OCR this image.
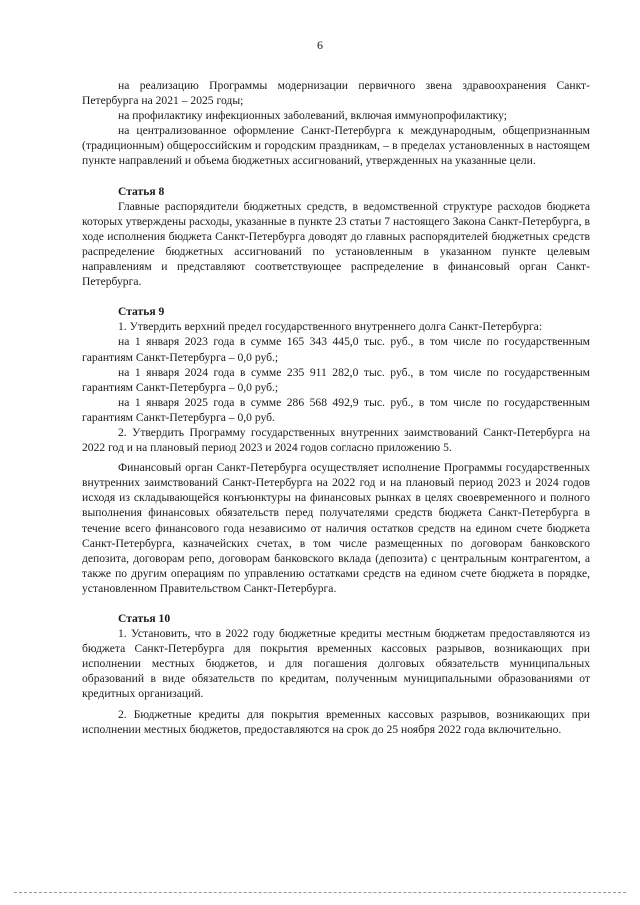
6

на реализацию Программы модернизации первичного звена здравоохранения Санкт-Петербурга на 2021 – 2025 годы;

на профилактику инфекционных заболеваний, включая иммунопрофилактику;

на централизованное оформление Санкт-Петербурга к международным, общепризнанным (традиционным) общероссийским и городским праздникам, – в пределах установленных в настоящем пункте направлений и объема бюджетных ассигнований, утвержденных на указанные цели.

Статья 8

Главные распорядители бюджетных средств, в ведомственной структуре расходов бюджета которых утверждены расходы, указанные в пункте 23 статьи 7 настоящего Закона Санкт-Петербурга, в ходе исполнения бюджета Санкт-Петербурга доводят до главных распорядителей бюджетных средств распределение бюджетных ассигнований по установленным в указанном пункте целевым направлениям и представляют соответствующее распределение в финансовый орган Санкт-Петербурга.

Статья 9

1. Утвердить верхний предел государственного внутреннего долга Санкт-Петербурга:

на 1 января 2023 года в сумме 165 343 445,0 тыс. руб., в том числе по государственным гарантиям Санкт-Петербурга – 0,0 руб.;

на 1 января 2024 года в сумме 235 911 282,0 тыс. руб., в том числе по государственным гарантиям Санкт-Петербурга – 0,0 руб.;

на 1 января 2025 года в сумме 286 568 492,9 тыс. руб., в том числе по государственным гарантиям Санкт-Петербурга – 0,0 руб.

2. Утвердить Программу государственных внутренних заимствований Санкт-Петербурга на 2022 год и на плановый период 2023 и 2024 годов согласно приложению 5.

Финансовый орган Санкт-Петербурга осуществляет исполнение Программы государственных внутренних заимствований Санкт-Петербурга на 2022 год и на плановый период 2023 и 2024 годов исходя из складывающейся конъюнктуры на финансовых рынках в целях своевременного и полного выполнения финансовых обязательств перед получателями средств бюджета Санкт-Петербурга в течение всего финансового года независимо от наличия остатков средств на едином счете бюджета Санкт-Петербурга, казначейских счетах, в том числе размещенных по договорам банковского депозита, договорам репо, договорам банковского вклада (депозита) с центральным контрагентом, а также по другим операциям по управлению остатками средств на едином счете бюджета в порядке, установленном Правительством Санкт-Петербурга.

Статья 10

1. Установить, что в 2022 году бюджетные кредиты местным бюджетам предоставляются из бюджета Санкт-Петербурга для покрытия временных кассовых разрывов, возникающих при исполнении местных бюджетов, и для погашения долговых обязательств муниципальных образований в виде обязательств по кредитам, полученным муниципальными образованиями от кредитных организаций.

2. Бюджетные кредиты для покрытия временных кассовых разрывов, возникающих при исполнении местных бюджетов, предоставляются на срок до 25 ноября 2022 года включительно.
